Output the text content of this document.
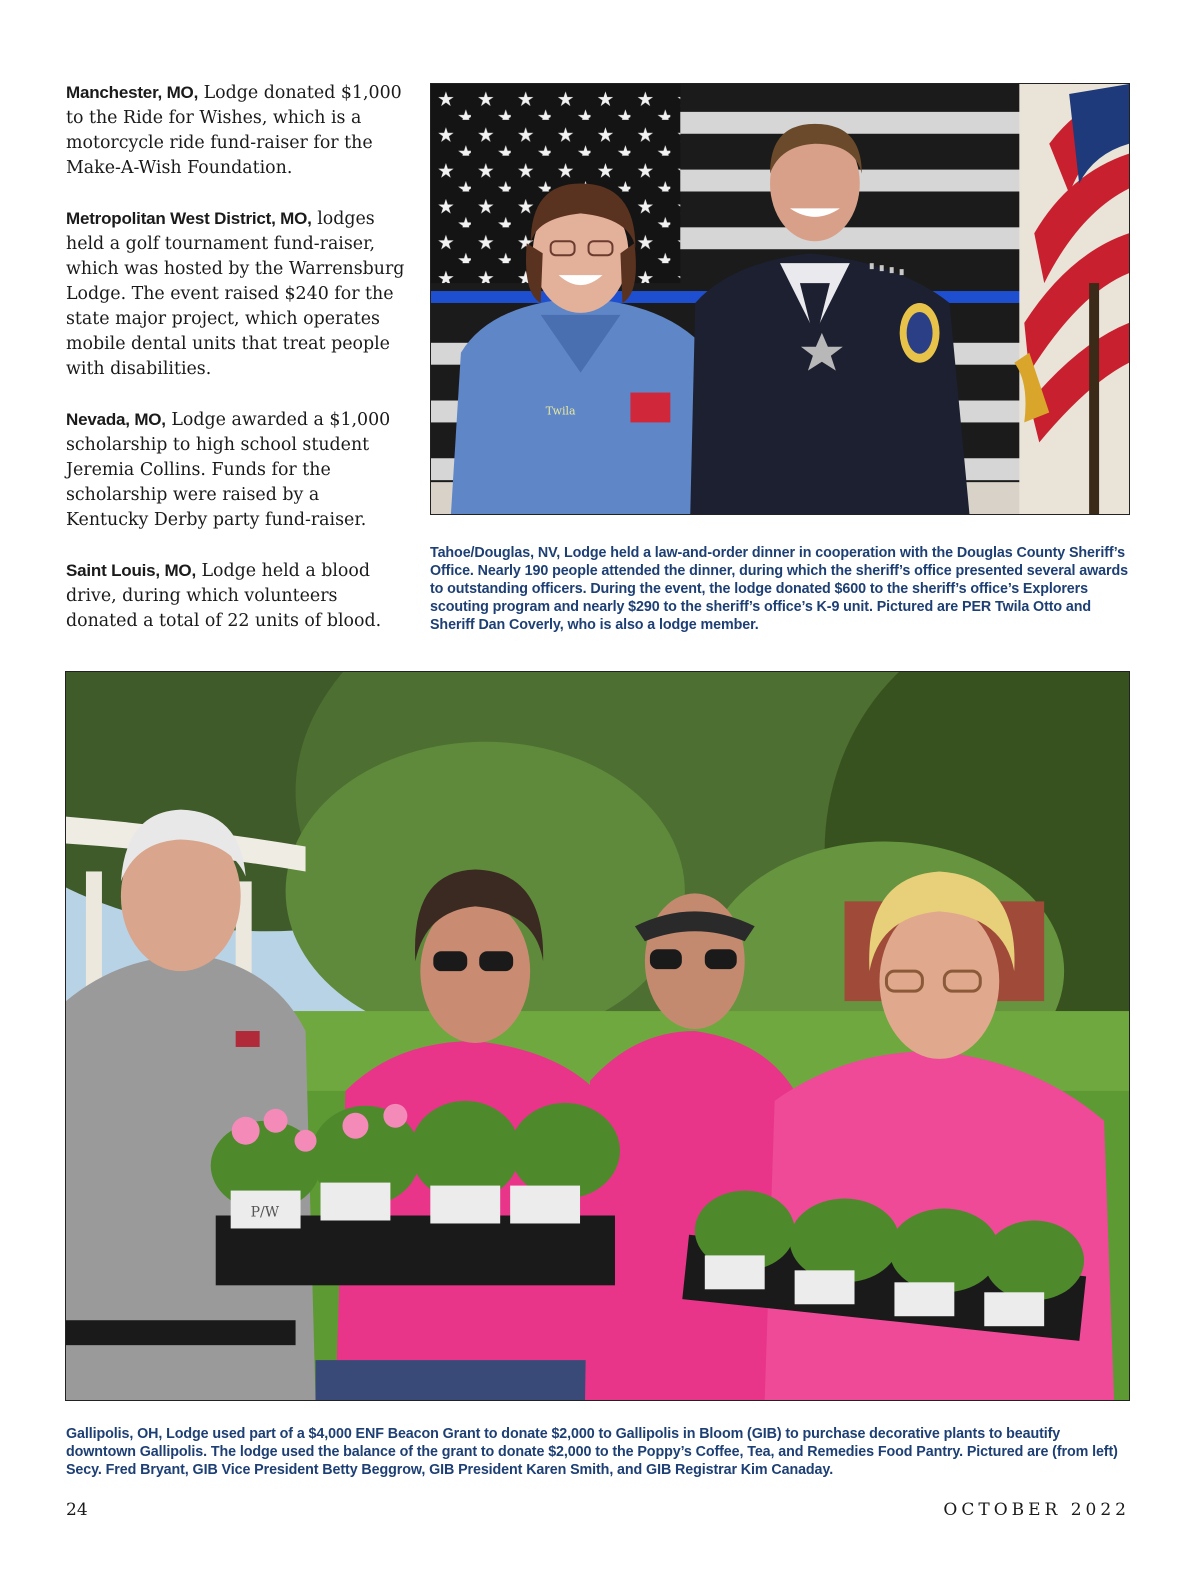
Manchester, MO, Lodge donated $1,000 to the Ride for Wishes, which is a motorcycle ride fund-raiser for the Make-A-Wish Foundation.

Metropolitan West District, MO, lodges held a golf tournament fund-raiser, which was hosted by the Warrensburg Lodge. The event raised $240 for the state major project, which operates mobile dental units that treat people with disabilities.

Nevada, MO, Lodge awarded a $1,000 scholarship to high school student Jeremia Collins. Funds for the scholarship were raised by a Kentucky Derby party fund-raiser.

Saint Louis, MO, Lodge held a blood drive, during which volunteers donated a total of 22 units of blood.

Twila

Tahoe/Douglas, NV, Lodge held a law-and-order dinner in cooperation with the Douglas County Sheriff’s Office. Nearly 190 people attended the dinner, during which the sheriff’s office presented several awards to outstanding officers. During the event, the lodge donated $600 to the sheriff’s office’s Explorers scouting program and nearly $290 to the sheriff’s office’s K-9 unit. Pictured are PER Twila Otto and Sheriff Dan Coverly, who is also a lodge member.

P/W

Gallipolis, OH, Lodge used part of a $4,000 ENF Beacon Grant to donate $2,000 to Gallipolis in Bloom (GIB) to purchase decorative plants to beautify downtown Gallipolis. The lodge used the balance of the grant to donate $2,000 to the Poppy’s Coffee, Tea, and Remedies Food Pantry. Pictured are (from left) Secy. Fred Bryant, GIB Vice President Betty Beggrow, GIB President Karen Smith, and GIB Registrar Kim Canaday.

24	OCTOBER 2022
